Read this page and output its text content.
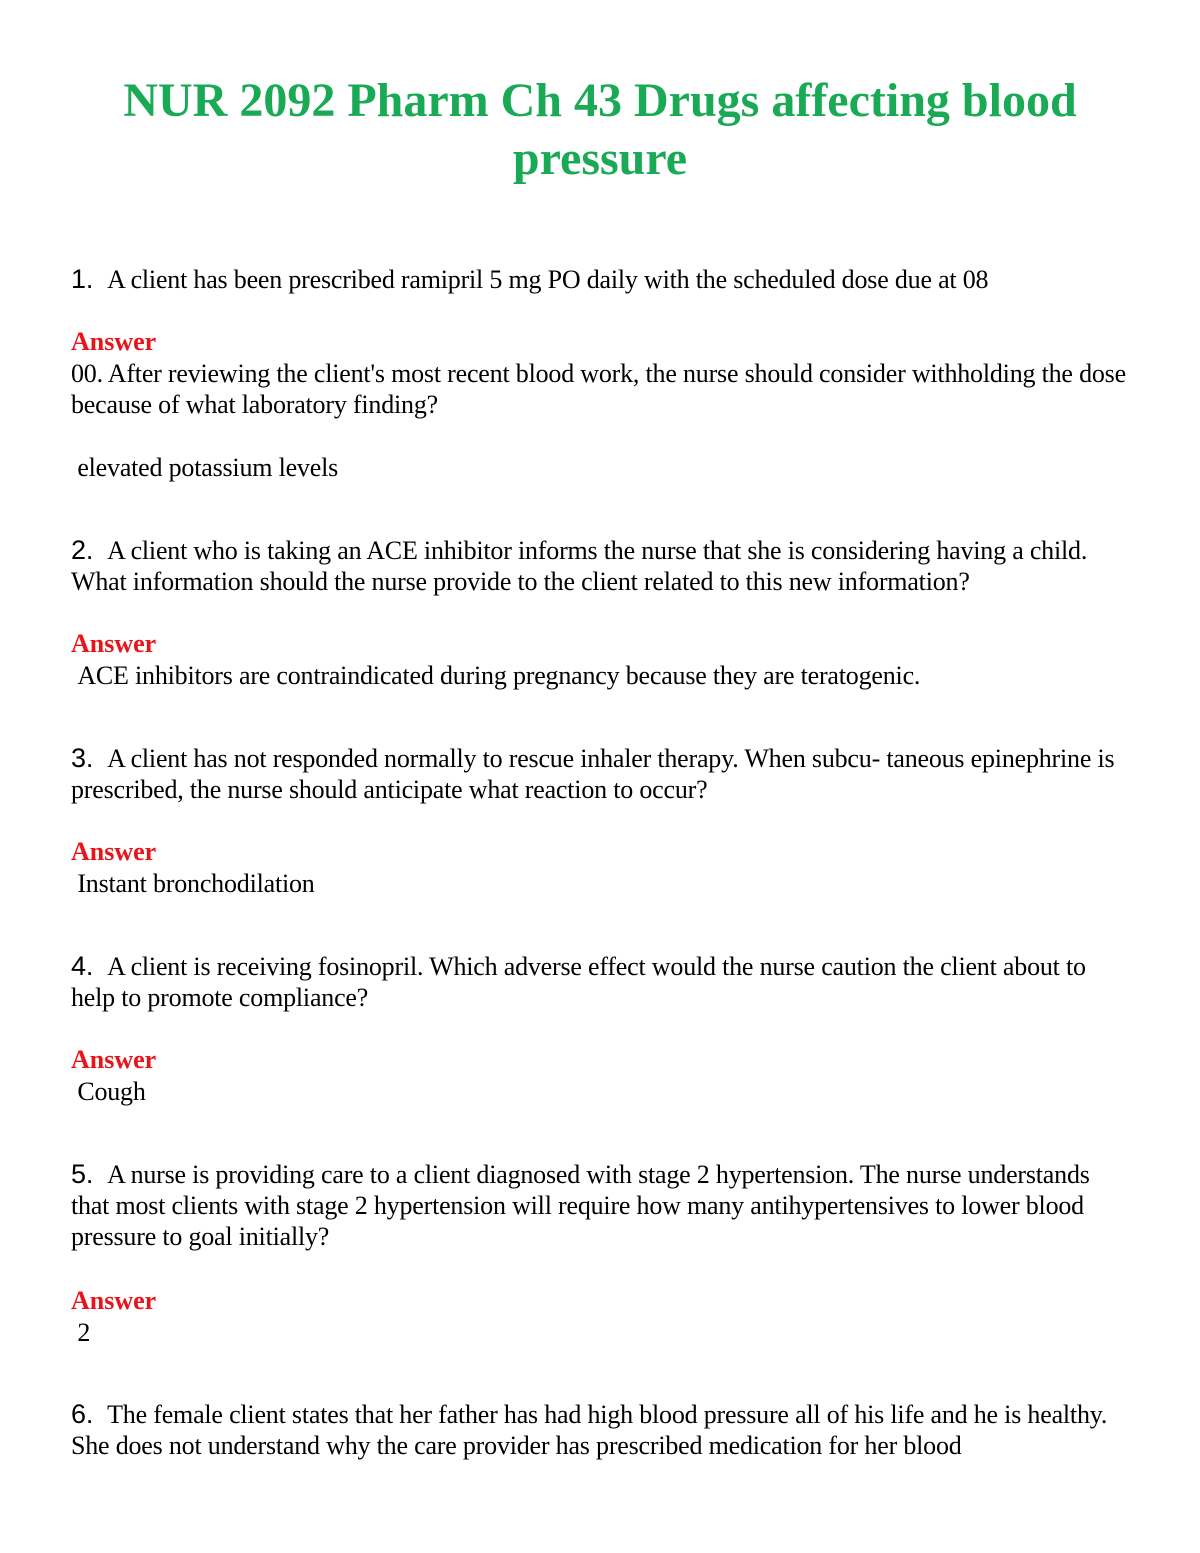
NUR 2092 Pharm Ch 43 Drugs affecting blood pressure

1. A client has been prescribed ramipril 5 mg PO daily with the scheduled dose due at 08

Answer

00. After reviewing the client's most recent blood work, the nurse should consider withholding the dose because of what laboratory finding?

elevated potassium levels

2. A client who is taking an ACE inhibitor informs the nurse that she is considering having a child. What information should the nurse provide to the client related to this new information?

Answer

ACE inhibitors are contraindicated during pregnancy because they are teratogenic.

3. A client has not responded normally to rescue inhaler therapy. When subcu- taneous epinephrine is prescribed, the nurse should anticipate what reaction to occur?

Answer

Instant bronchodilation

4. A client is receiving fosinopril. Which adverse effect would the nurse caution the client about to help to promote compliance?

Answer

Cough

5. A nurse is providing care to a client diagnosed with stage 2 hypertension. The nurse understands that most clients with stage 2 hypertension will require how many antihypertensives to lower blood pressure to goal initially?

Answer

2

6. The female client states that her father has had high blood pressure all of his life and he is healthy. She does not understand why the care provider has prescribed medication for her blood
